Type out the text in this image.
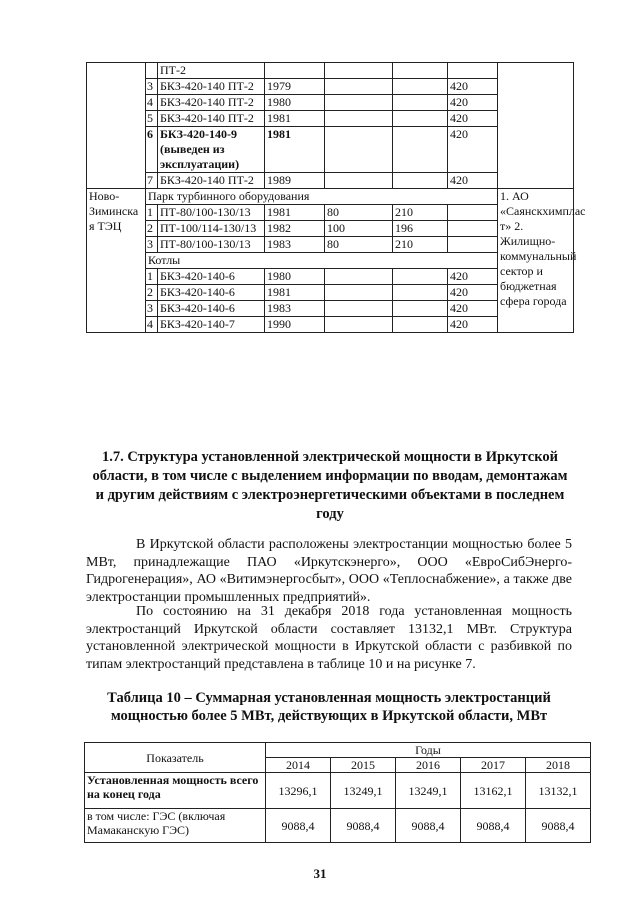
		ПТ-2					
	3	БКЗ-420-140 ПТ-2	1979			420	
	4	БКЗ-420-140 ПТ-2	1980			420	
	5	БКЗ-420-140 ПТ-2	1981			420	
	6	БКЗ-420-140-9 (выведен из эксплуатации)	1981			420	
	7	БКЗ-420-140 ПТ-2	1989			420	
Ново-Зиминска я ТЭЦ	Парк турбинного оборудования						1. АО «Саянскхимплас т» 2. Жилищно-коммунальный сектор и бюджетная сфера города
	1	ПТ-80/100-130/13	1981	80	210		
	2	ПТ-100/114-130/13	1982	100	196		
	3	ПТ-80/100-130/13	1983	80	210		
	Котлы						
	1	БКЗ-420-140-6	1980			420	
	2	БКЗ-420-140-6	1981			420	
	3	БКЗ-420-140-6	1983			420	
	4	БКЗ-420-140-7	1990			420	
1.7. Структура установленной электрической мощности в Иркутской области, в том числе с выделением информации по вводам, демонтажам и другим действиям с электроэнергетическими объектами в последнем году

В Иркутской области расположены электростанции мощностью более 5 МВт, принадлежащие ПАО «Иркутскэнерго», ООО «ЕвроСибЭнерго-Гидрогенерация», АО «Витимэнергосбыт», ООО «Теплоснабжение», а также две электростанции промышленных предприятий».

По состоянию на 31 декабря 2018 года установленная мощность электростанций Иркутской области составляет 13132,1 МВт. Структура установленной электрической мощности в Иркутской области с разбивкой по типам электростанций представлена в таблице 10 и на рисунке 7.

Таблица 10 – Суммарная установленная мощность электростанций мощностью более 5 МВт, действующих в Иркутской области, МВт
Показатель	Годы				
	2014	2015	2016	2017	2018
Установленная мощность всего на конец года	13296,1	13249,1	13249,1	13162,1	13132,1
в том числе: ГЭС (включая Мамаканскую ГЭС)	9088,4	9088,4	9088,4	9088,4	9088,4
31
